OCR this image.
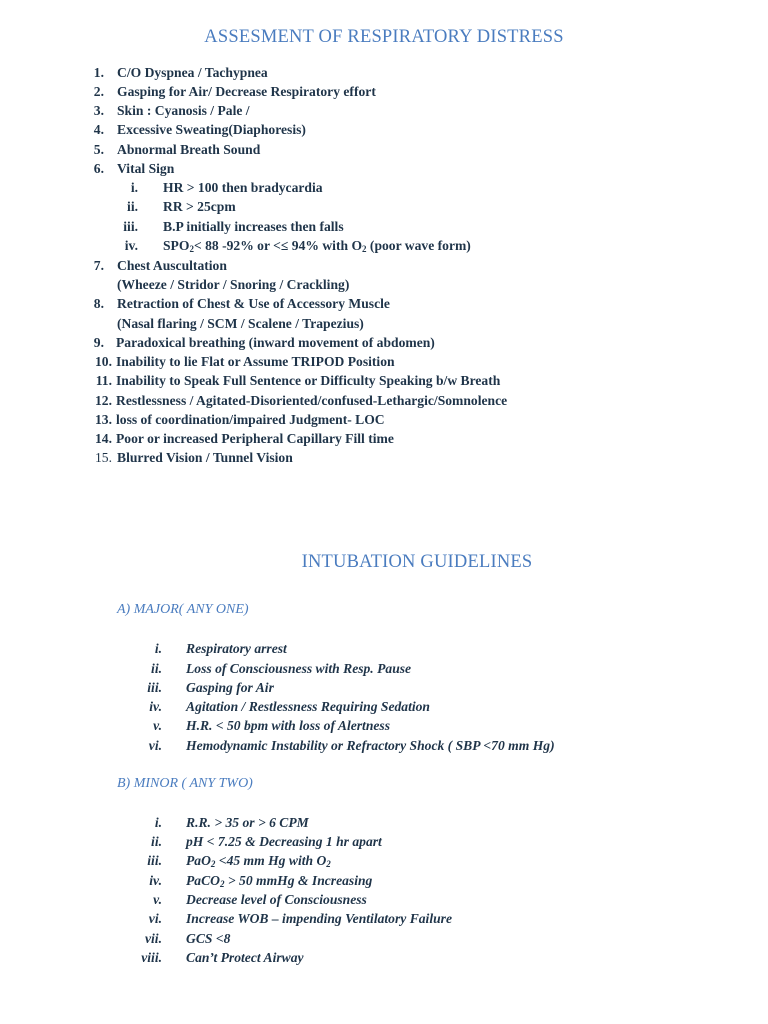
ASSESMENT OF RESPIRATORY DISTRESS
1. C/O Dyspnea / Tachypnea
2. Gasping for Air/ Decrease Respiratory effort
3. Skin : Cyanosis / Pale /
4. Excessive Sweating(Diaphoresis)
5. Abnormal Breath Sound
6. Vital Sign
i. HR > 100 then bradycardia
ii. RR > 25cpm
iii. B.P initially increases then falls
iv. $SPO_2< 88$ -92% or <≤ 94% with $O_2$ (poor wave form)
7. Chest Auscultation
(Wheeze / Stridor / Snoring / Crackling)
8. Retraction of Chest & Use of Accessory Muscle
(Nasal flaring / SCM / Scalene / Trapezius)
9. Paradoxical breathing (inward movement of abdomen)
10. Inability to lie Flat or Assume TRIPOD Position
11. Inability to Speak Full Sentence or Difficulty Speaking b/w Breath
12. Restlessness / Agitated-Disoriented/confused-Lethargic/Somnolence
13. loss of coordination/impaired Judgment- LOC
14. Poor or increased Peripheral Capillary Fill time
15. Blurred Vision / Tunnel Vision
INTUBATION GUIDELINES
A) MAJOR( ANY ONE)
i. Respiratory arrest
ii. Loss of Consciousness with Resp. Pause
iii. Gasping for Air
iv. Agitation / Restlessness Requiring Sedation
v. H.R. < 50 bpm with loss of Alertness
vi. Hemodynamic Instability or Refractory Shock ( SBP <70 mm Hg)
B) MINOR ( ANY TWO)
i. R.R. > 35 or > 6 CPM
ii. pH < 7.25 & Decreasing 1 hr apart
iii. PaO$_2$ <45 mm Hg with $O_2$
iv. PaCO$_2$ > 50 mmHg & Increasing
v. Decrease level of Consciousness
vi. Increase WOB – impending Ventilatory Failure
vii. GCS <8
viii. Can’t Protect Airway
